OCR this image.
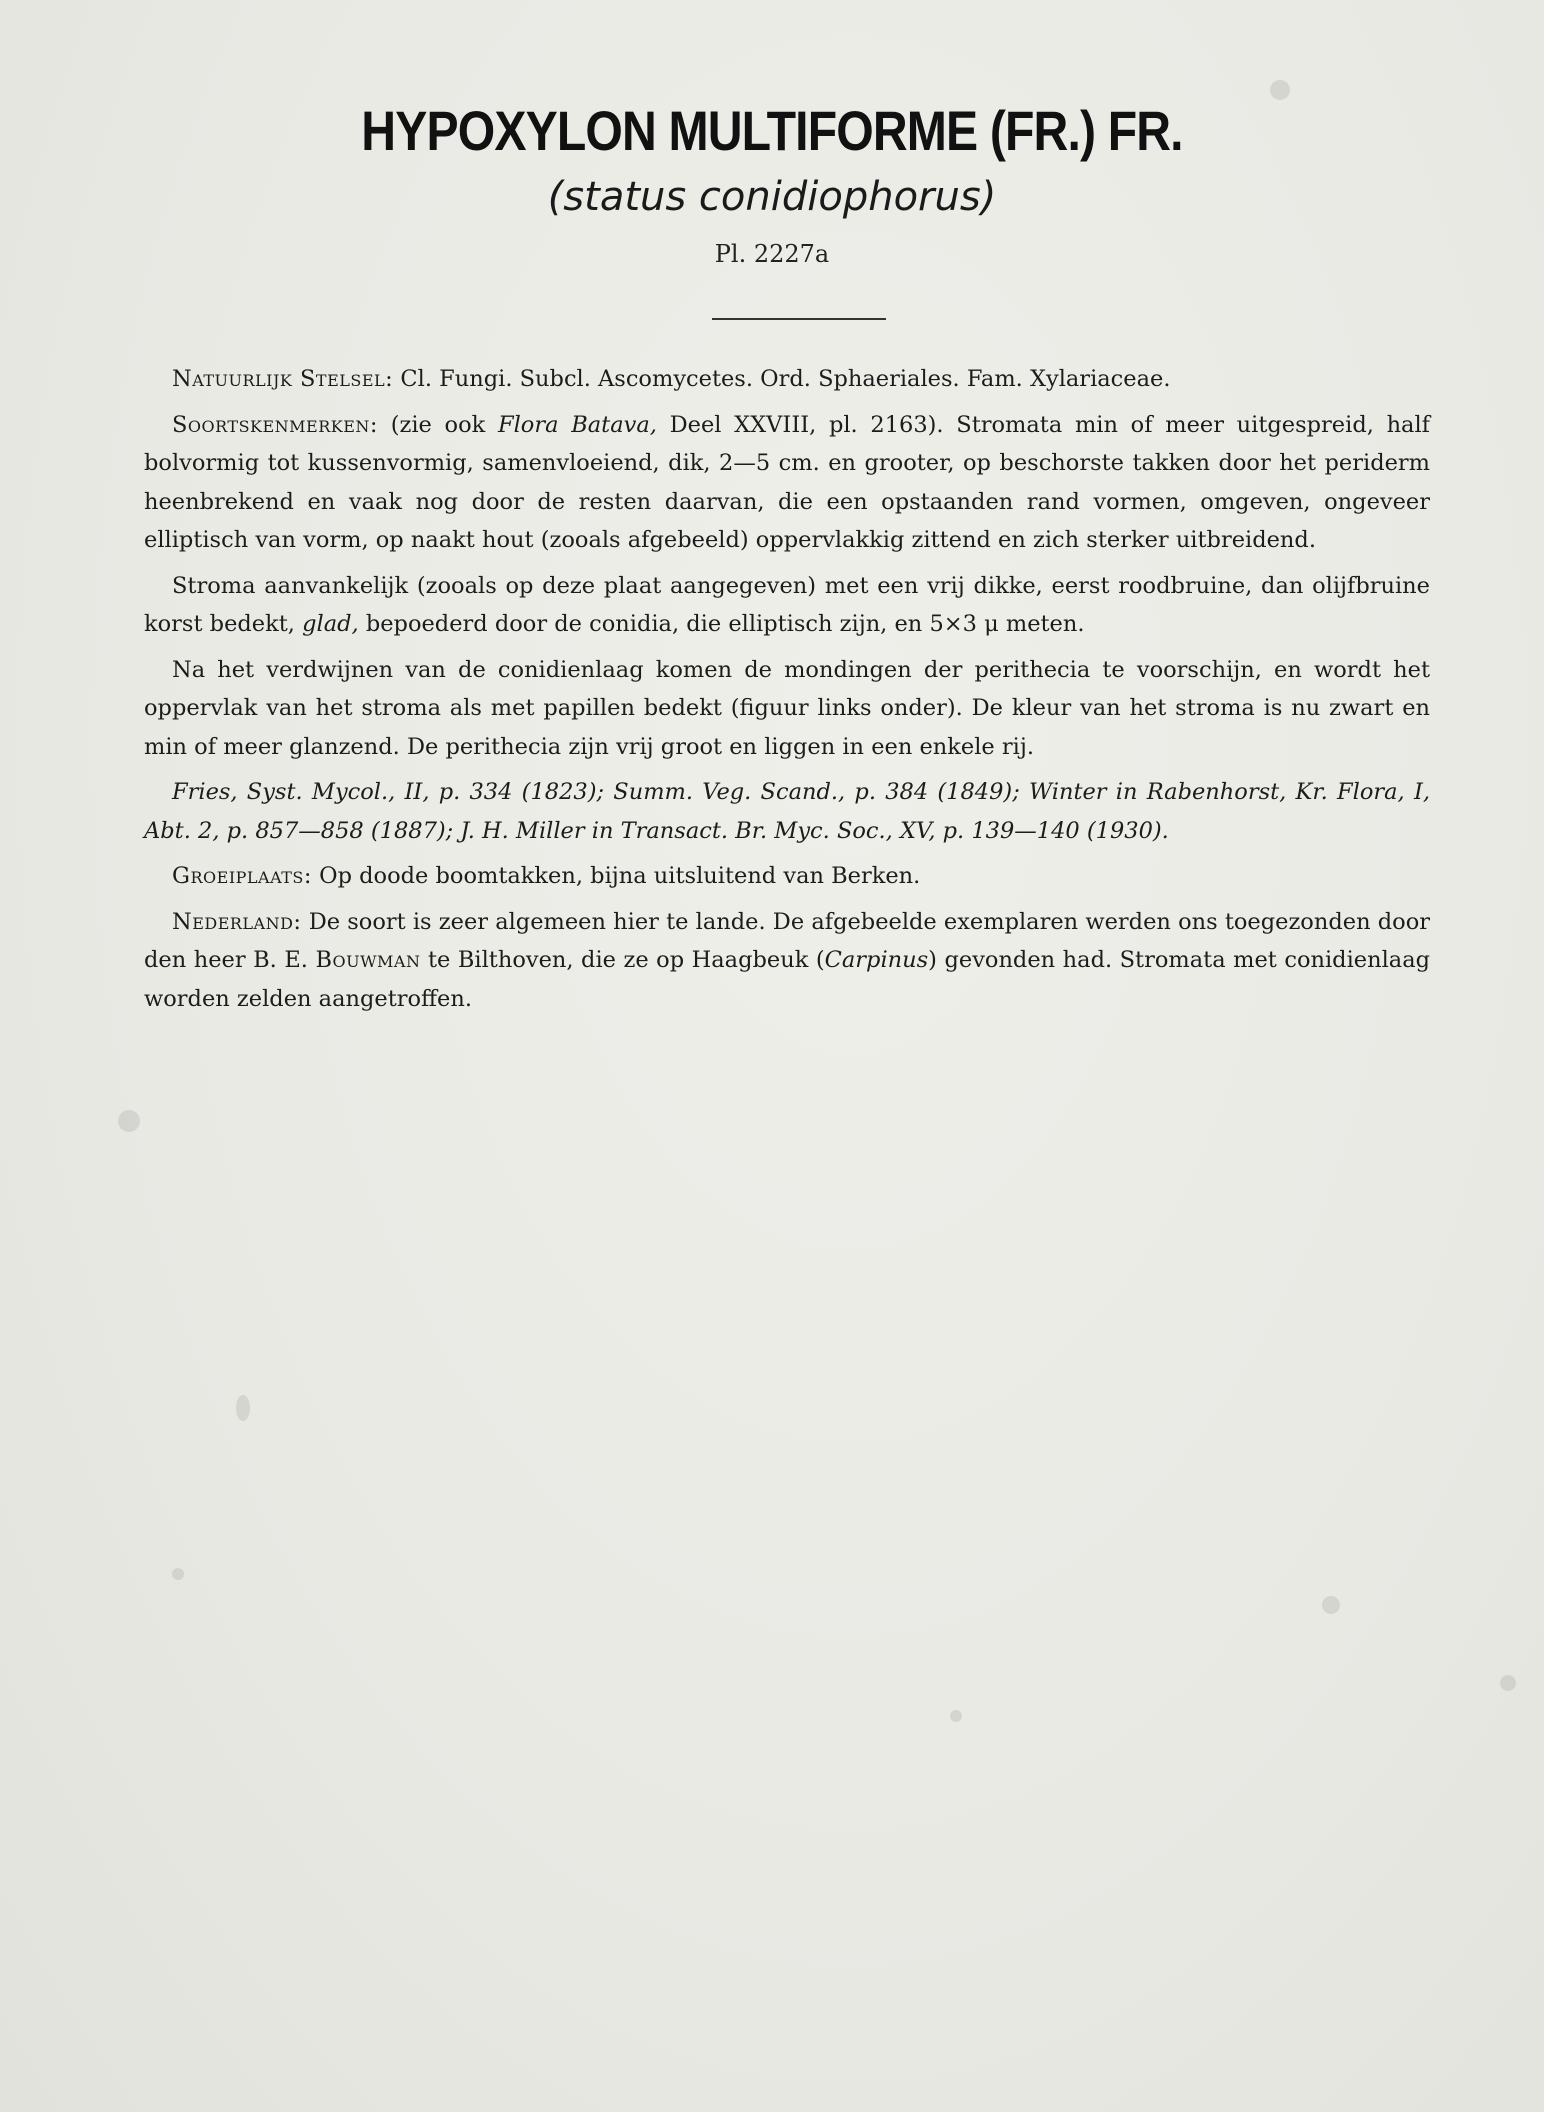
HYPOXYLON MULTIFORME (FR.) FR.
(status conidiophorus)
Pl. 2227a

Natuurlijk Stelsel: Cl. Fungi. Subcl. Ascomycetes. Ord. Sphaeriales. Fam. Xylariaceae.

Soortskenmerken: (zie ook Flora Batava, Deel XXVIII, pl. 2163). Stromata min of meer uitgespreid, half bolvormig tot kussenvormig, samenvloeiend, dik, 2—5 cm. en grooter, op beschorste takken door het periderm heenbrekend en vaak nog door de resten daarvan, die een opstaanden rand vormen, omgeven, ongeveer elliptisch van vorm, op naakt hout (zooals afgebeeld) oppervlakkig zittend en zich sterker uitbreidend.

Stroma aanvankelijk (zooals op deze plaat aangegeven) met een vrij dikke, eerst roodbruine, dan olijfbruine korst bedekt, glad, bepoederd door de conidia, die elliptisch zijn, en 5×3 μ meten.

Na het verdwijnen van de conidienlaag komen de mondingen der perithecia te voorschijn, en wordt het oppervlak van het stroma als met papillen bedekt (figuur links onder). De kleur van het stroma is nu zwart en min of meer glanzend. De perithecia zijn vrij groot en liggen in een enkele rij.

Fries, Syst. Mycol., II, p. 334 (1823); Summ. Veg. Scand., p. 384 (1849); Winter in Rabenhorst, Kr. Flora, I, Abt. 2, p. 857—858 (1887); J. H. Miller in Transact. Br. Myc. Soc., XV, p. 139—140 (1930).

Groeiplaats: Op doode boomtakken, bijna uitsluitend van Berken.

Nederland: De soort is zeer algemeen hier te lande. De afgebeelde exemplaren werden ons toegezonden door den heer B. E. Bouwman te Bilthoven, die ze op Haagbeuk (Carpinus) gevonden had. Stromata met conidienlaag worden zelden aangetroffen.
